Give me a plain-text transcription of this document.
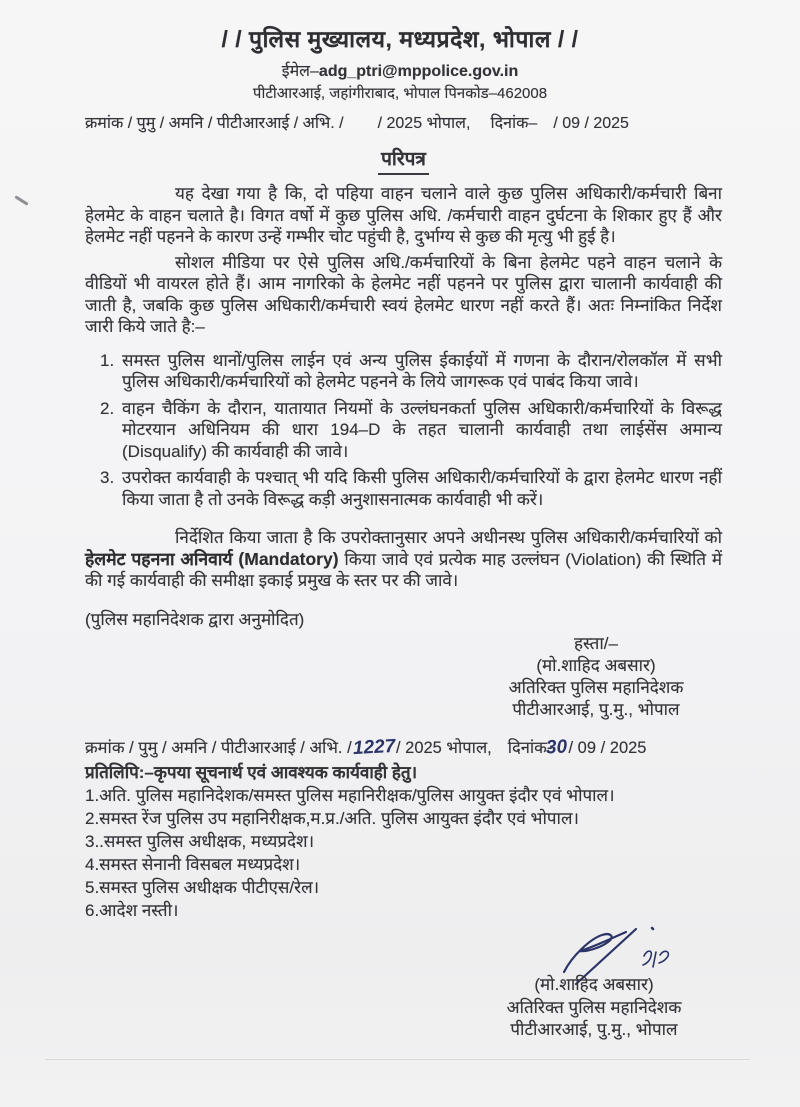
/ / पुलिस मुख्यालय, मध्यप्रदेश, भोपाल / /
ईमेल–adg_ptri@mppolice.gov.in
पीटीआरआई, जहांगीराबाद, भोपाल पिनकोड–462008
क्रमांक / पुमु / अमनि / पीटीआरआई / अभि. / / 2025 भोपाल, दिनांक– / 09 / 2025
परिपत्र

यह देखा गया है कि, दो पहिया वाहन चलाने वाले कुछ पुलिस अधिकारी/कर्मचारी बिना हेलमेट के वाहन चलाते है। विगत वर्षो में कुछ पुलिस अधि. /कर्मचारी वाहन दुर्घटना के शिकार हुए हैं और हेलमेट नहीं पहनने के कारण उन्हें गम्भीर चोट पहुंची है, दुर्भाग्य से कुछ की मृत्यु भी हुई है।

सोशल मीडिया पर ऐसे पुलिस अधि./कर्मचारियों के बिना हेलमेट पहने वाहन चलाने के वीडियों भी वायरल होते हैं। आम नागरिको के हेलमेट नहीं पहनने पर पुलिस द्वारा चालानी कार्यवाही की जाती है, जबकि कुछ पुलिस अधिकारी/कर्मचारी स्वयं हेलमेट धारण नहीं करते हैं। अतः निम्नांकित निर्देश जारी किये जाते है:–

1. समस्त पुलिस थानों/पुलिस लाईन एवं अन्य पुलिस ईकाईयों में गणना के दौरान/रोलकॉल में सभी पुलिस अधिकारी/कर्मचारियों को हेलमेट पहनने के लिये जागरूक एवं पाबंद किया जावे।
2. वाहन चैकिंग के दौरान, यातायात नियमों के उल्लंघनकर्ता पुलिस अधिकारी/कर्मचारियों के विरूद्ध मोटरयान अधिनियम की धारा 194–D के तहत चालानी कार्यवाही तथा लाईसेंस अमान्य (Disqualify) की कार्यवाही की जावे।
3. उपरोक्त कार्यवाही के पश्चात् भी यदि किसी पुलिस अधिकारी/कर्मचारियों के द्वारा हेलमेट धारण नहीं किया जाता है तो उनके विरूद्ध कड़ी अनुशासनात्मक कार्यवाही भी करें।

निर्देशित किया जाता है कि उपरोक्तानुसार अपने अधीनस्थ पुलिस अधिकारी/कर्मचारियों को हेलमेट पहनना अनिवार्य (Mandatory) किया जावे एवं प्रत्येक माह उल्लंघन (Violation) की स्थिति में की गई कार्यवाही की समीक्षा इकाई प्रमुख के स्तर पर की जावे।

(पुलिस महानिदेशक द्वारा अनुमोदित)
हस्ता/–
(मो.शाहिद अबसार)
अतिरिक्त पुलिस महानिदेशक
पीटीआरआई, पु.मु., भोपाल
क्रमांक / पुमु / अमनि / पीटीआरआई / अभि. /1227/ 2025 भोपाल, दिनांक-30/ 09 / 2025
प्रतिलिपि:–कृपया सूचनार्थ एवं आवश्यक कार्यवाही हेतु।
1.अति. पुलिस महानिदेशक/समस्त पुलिस महानिरीक्षक/पुलिस आयुक्त इंदौर एवं भोपाल।
2.समस्त रेंज पुलिस उप महानिरीक्षक,म.प्र./अति. पुलिस आयुक्त इंदौर एवं भोपाल।
3..समस्त पुलिस अधीक्षक, मध्यप्रदेश।
4.समस्त सेनानी विसबल मध्यप्रदेश।
5.समस्त पुलिस अधीक्षक पीटीएस/रेल।
6.आदेश नस्ती।
(मो.शाहिद अबसार)
अतिरिक्त पुलिस महानिदेशक
पीटीआरआई, पु.मु., भोपाल
